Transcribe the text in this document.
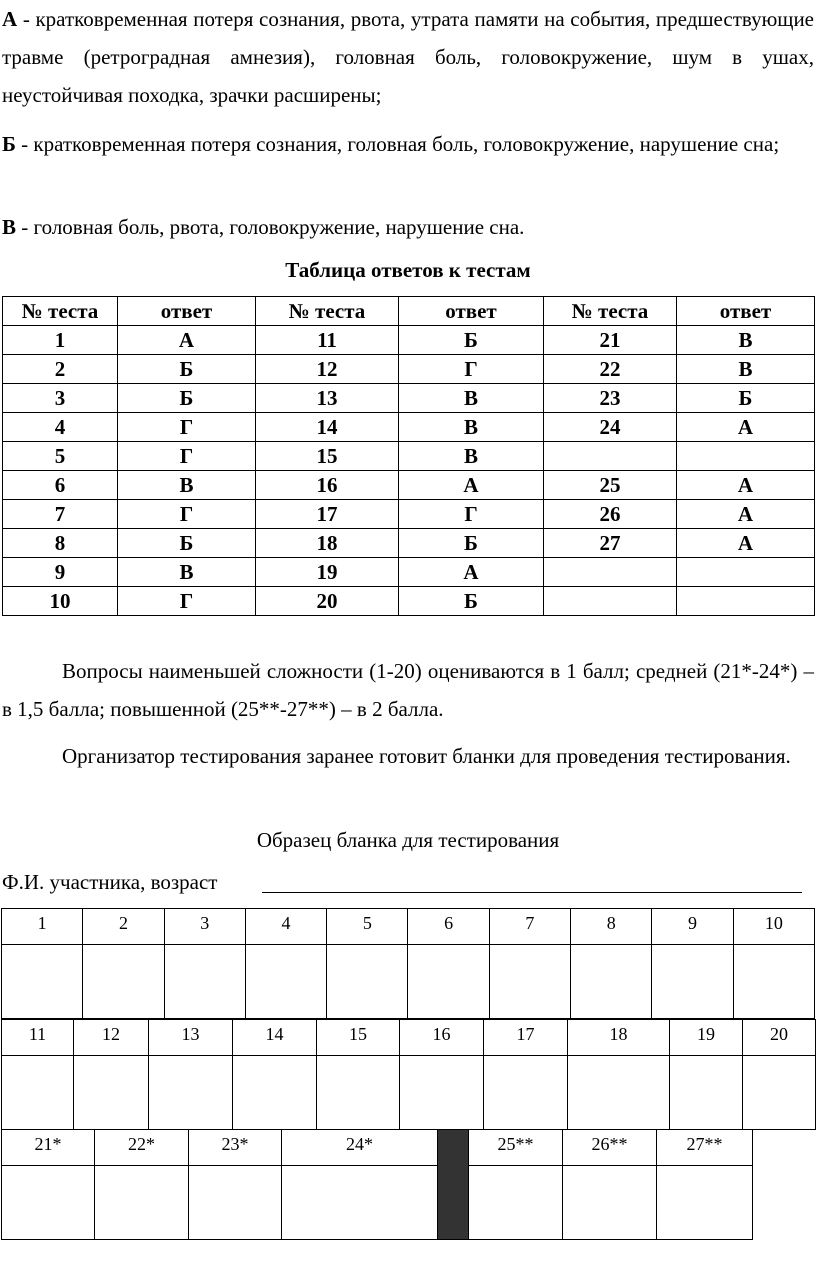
А - кратковременная потеря сознания, рвота, утрата памяти на события, предшествующие травме (ретроградная амнезия), головная боль, головокружение, шум в ушах, неустойчивая походка, зрачки расширены;
Б - кратковременная потеря сознания, головная боль, головокружение, нарушение сна;
В - головная боль, рвота, головокружение, нарушение сна.
Таблица ответов к тестам
№ теста	ответ	№ теста	ответ	№ теста	ответ
1	А	11	Б	21	В
2	Б	12	Г	22	В
3	Б	13	В	23	Б
4	Г	14	В	24	А
5	Г	15	В		
6	В	16	А	25	А
7	Г	17	Г	26	А
8	Б	18	Б	27	А
9	В	19	А		
10	Г	20	Б		
Вопросы наименьшей сложности (1-20) оцениваются в 1 балл; средней (21*-24*) – в 1,5 балла; повышенной (25**-27**) – в 2 балла.
Организатор тестирования заранее готовит бланки для проведения тестирования.
Образец бланка для тестирования
Ф.И. участника, возраст
1	2	3	4	5	6	7	8	9	10

11	12	13	14	15	16	17	18	19	20

21*	22*	23*	24*		25**	26**	27**
